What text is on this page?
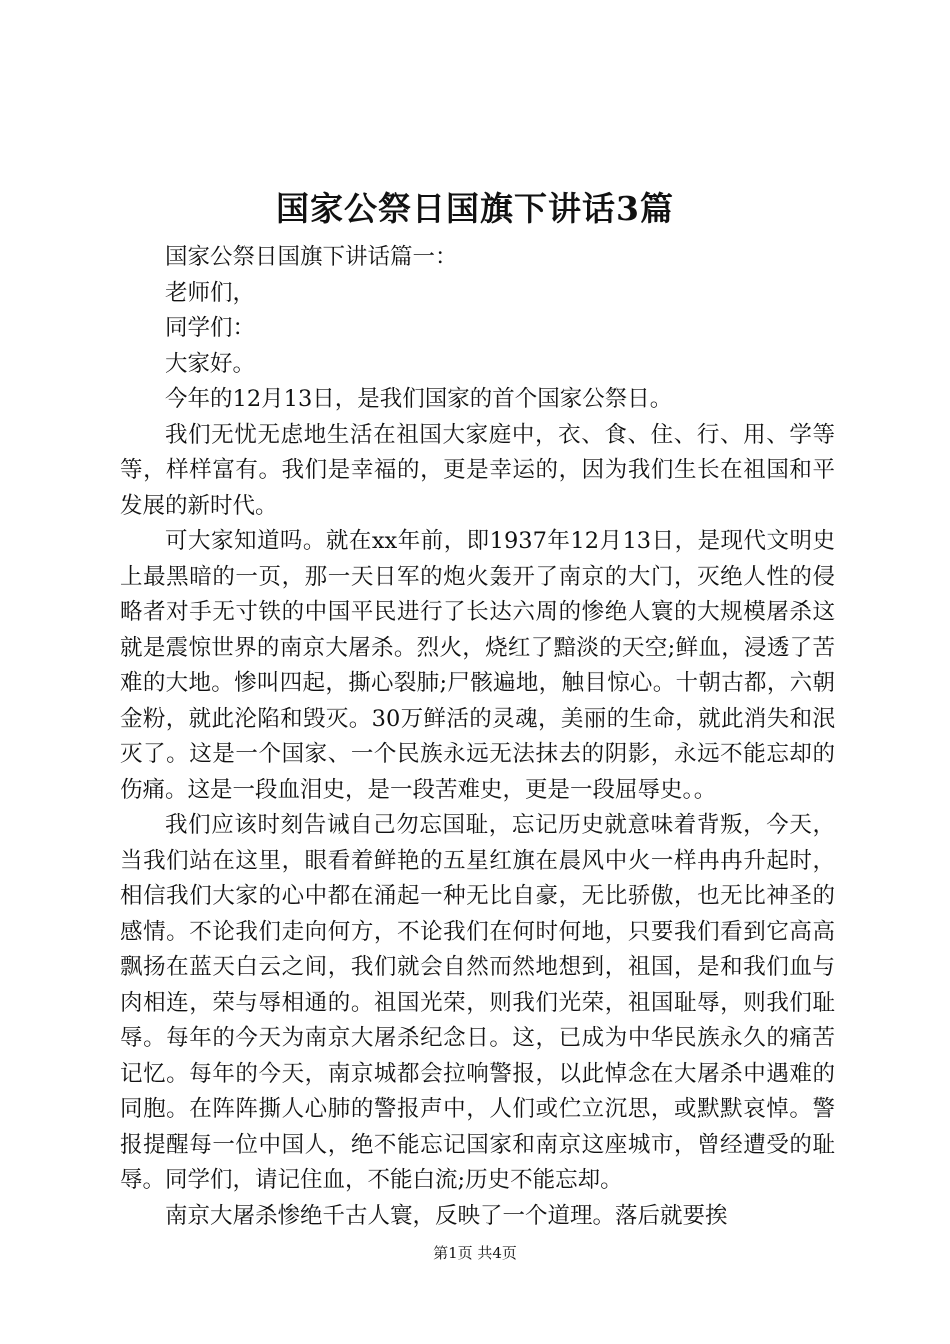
国家公祭日国旗下讲话3篇

国家公祭日国旗下讲话篇一：

老师们，

同学们：

大家好。

今年的12月13日，是我们国家的首个国家公祭日。

我们无忧无虑地生活在祖国大家庭中，衣、食、住、行、用、学等等，样样富有。我们是幸福的，更是幸运的，因为我们生长在祖国和平发展的新时代。

可大家知道吗。就在xx年前，即1937年12月13日，是现代文明史上最黑暗的一页，那一天日军的炮火轰开了南京的大门，灭绝人性的侵略者对手无寸铁的中国平民进行了长达六周的惨绝人寰的大规模屠杀这就是震惊世界的南京大屠杀。烈火，烧红了黯淡的天空;鲜血，浸透了苦难的大地。惨叫四起，撕心裂肺;尸骸遍地，触目惊心。十朝古都，六朝金粉，就此沦陷和毁灭。30万鲜活的灵魂，美丽的生命，就此消失和泯灭了。这是一个国家、一个民族永远无法抹去的阴影，永远不能忘却的伤痛。这是一段血泪史，是一段苦难史，更是一段屈辱史。。

我们应该时刻告诫自己勿忘国耻，忘记历史就意味着背叛，今天，当我们站在这里，眼看着鲜艳的五星红旗在晨风中火一样冉冉升起时，相信我们大家的心中都在涌起一种无比自豪，无比骄傲，也无比神圣的感情。不论我们走向何方，不论我们在何时何地，只要我们看到它高高飘扬在蓝天白云之间，我们就会自然而然地想到，祖国，是和我们血与肉相连，荣与辱相通的。祖国光荣，则我们光荣，祖国耻辱，则我们耻辱。每年的今天为南京大屠杀纪念日。这，已成为中华民族永久的痛苦记忆。每年的今天，南京城都会拉响警报，以此悼念在大屠杀中遇难的同胞。在阵阵撕人心肺的警报声中，人们或伫立沉思，或默默哀悼。警报提醒每一位中国人，绝不能忘记国家和南京这座城市，曾经遭受的耻辱。同学们，请记住血，不能白流;历史不能忘却。

南京大屠杀惨绝千古人寰，反映了一个道理。落后就要挨

第1页 共4页
